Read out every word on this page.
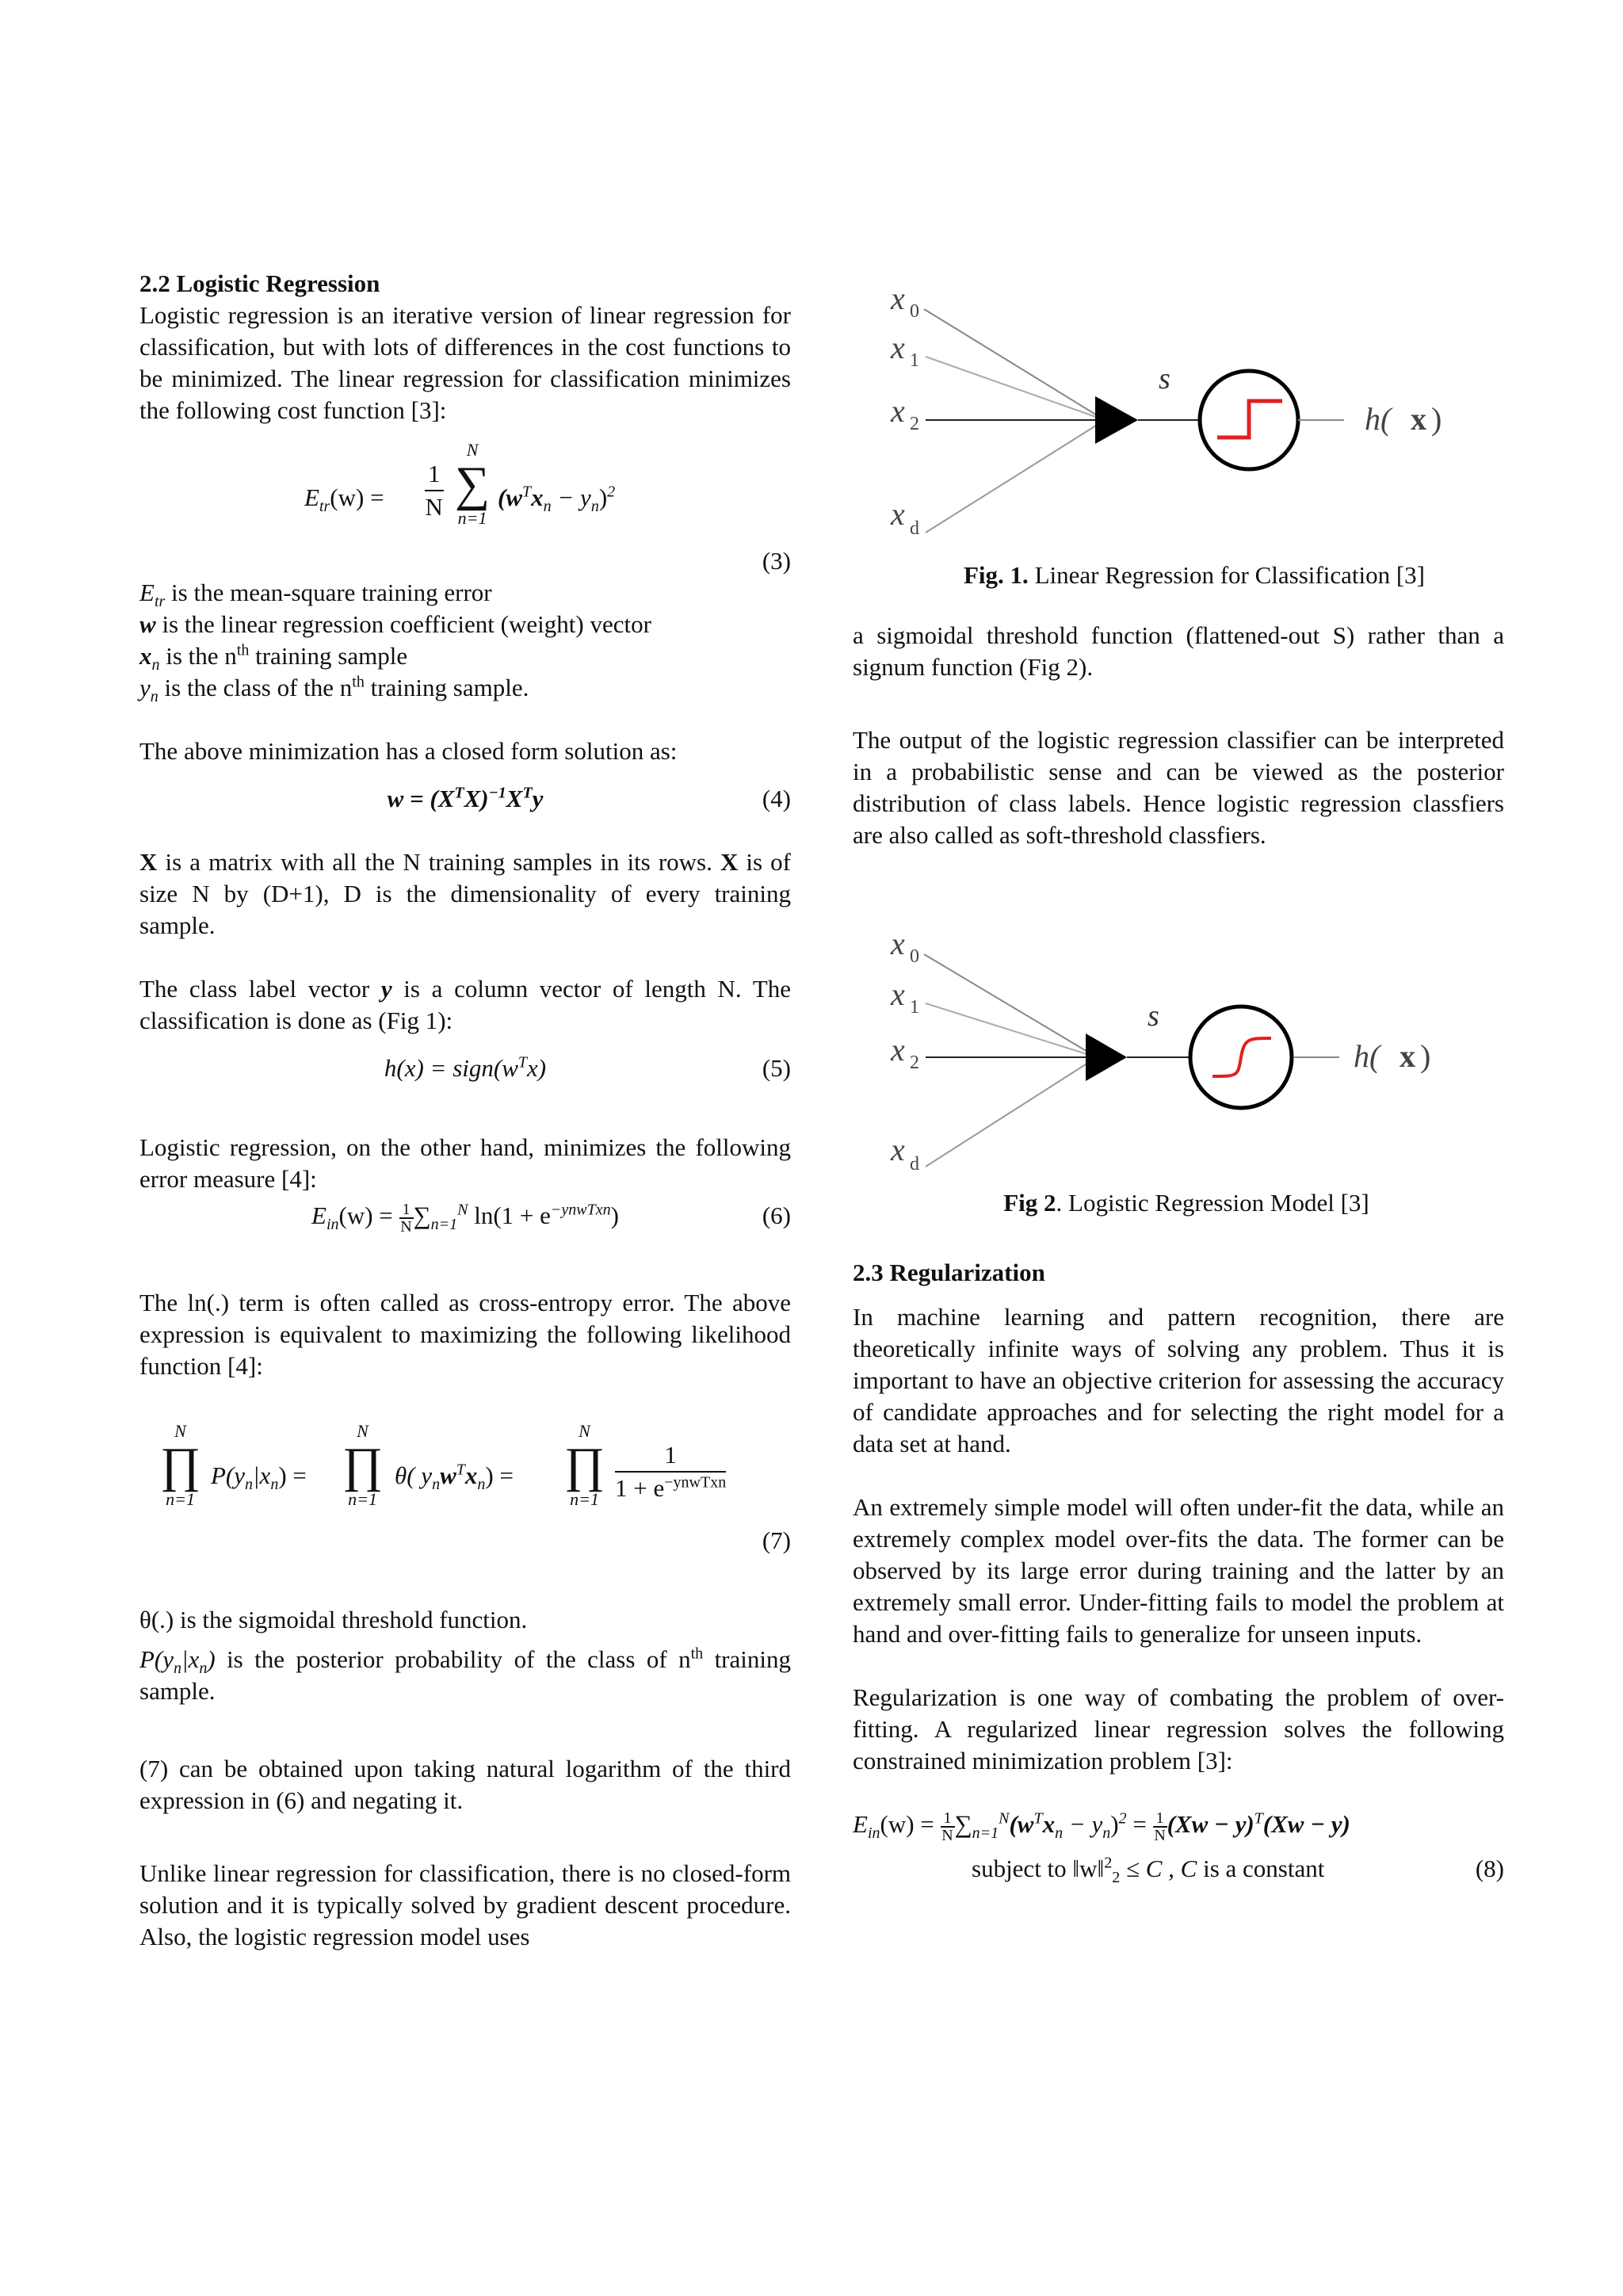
2.2 Logistic Regression

Logistic regression is an iterative version of linear regression for classification, but with lots of differences in the cost functions to be minimized. The linear regression for classification minimizes the following cost function [3]:

$E_{tr}(w) = \frac{1}{N}$
N
∑
n=1
$(w^Tx_n - y_n)^2$
(3)

$E_{tr}$ is the mean-square training error

w is the linear regression coefficient (weight) vector

$x_n$ is the $n^{th}$ training sample

$y_n$ is the class of the $n^{th}$ training sample.

The above minimization has a closed form solution as:

$w = (X^TX)^{-1}X^Ty$	(4)

X is a matrix with all the N training samples in its rows. X is of size N by (D+1), D is the dimensionality of every training sample.

The class label vector y is a column vector of length N. The classification is done as (Fig 1):

$h(x) = sign(w^Tx)$	(5)

Logistic regression, on the other hand, minimizes the following error measure [4]:

$E_{in}(w) = \frac{1}{N} \sum_{n=1}^N$ $\ln(1 + e^{-ynwTxn})$	(6)

The ln(.) term is often called as cross-entropy error. The above expression is equivalent to maximizing the following likelihood function [4]:

N
∏
n=1
$P(y_n|x_n)$ =
N
∏
n=1
θ( $y_nw^Tx_n$) =
N
∏
n=1
1
$1 + e^{-ynwTxn}$
(7)

θ(.) is the sigmoidal threshold function.

$P(y_n|x_n)$ is the posterior probability of the class of $n^{th}$ training sample.

(7) can be obtained upon taking natural logarithm of the third expression in (6) and negating it.

Unlike linear regression for classification, there is no closed-form solution and it is typically solved by gradient descent procedure. Also, the logistic regression model uses

x 0
x 1
x 2
x d
s
h( x )

Fig. 1. Linear Regression for Classification [3]

a sigmoidal threshold function (flattened-out S) rather than a signum function (Fig 2).

The output of the logistic regression classifier can be interpreted in a probabilistic sense and can be viewed as the posterior distribution of class labels. Hence logistic regression classfiers are also called as soft-threshold classfiers.

x 0
x 1
x 2
x d
s
h( x )

Fig 2. Logistic Regression Model [3]

2.3 Regularization

In machine learning and pattern recognition, there are theoretically infinite ways of solving any problem. Thus it is important to have an objective criterion for assessing the accuracy of candidate approaches and for selecting the right model for a data set at hand.

An extremely simple model will often under-fit the data, while an extremely complex model over-fits the data. The former can be observed by its large error during training and the latter by an extremely small error. Under-fitting fails to model the problem at hand and over-fitting fails to generalize for unseen inputs.

Regularization is one way of combating the problem of over-fitting. A regularized linear regression solves the following constrained minimization problem [3]:

$E_{in}(w) = \frac{1}{N} \sum_{n=1}^N(w^Tx_n - y_n)^2 = \frac{1}{N} (Xw - y)^T(Xw - y)$
subject to ‖w‖$^2_2$ ≤ C , C is a constant	(8)
